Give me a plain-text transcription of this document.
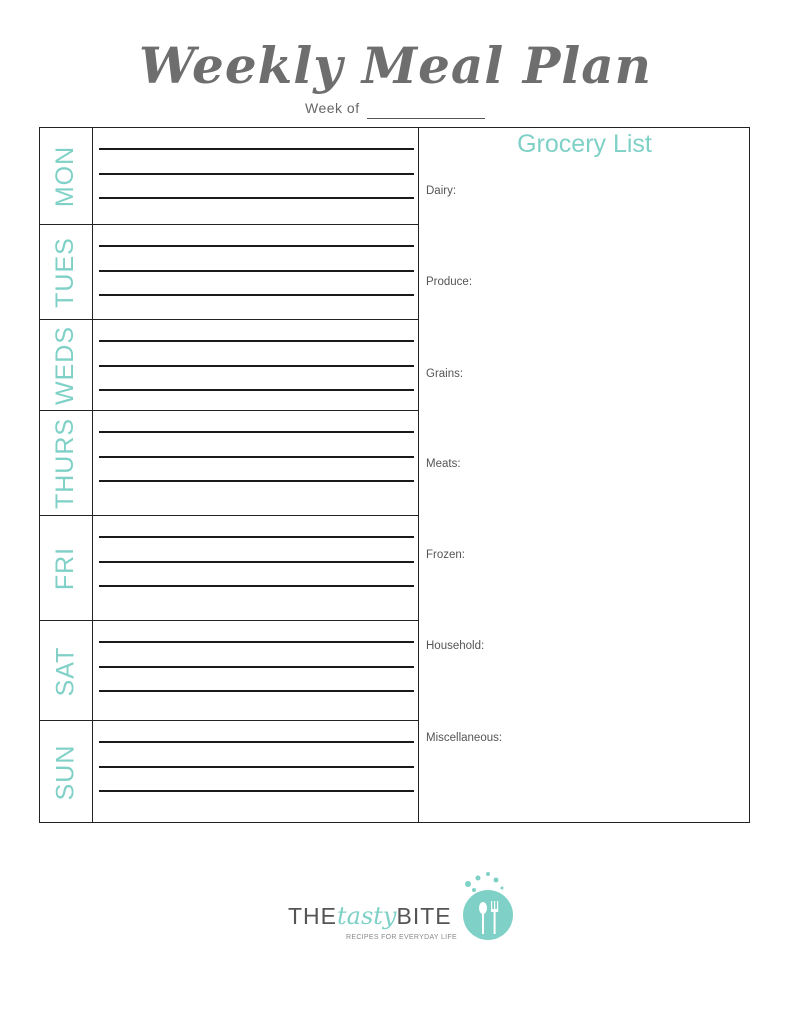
Weekly Meal Plan
Week of
MON
TUES
WEDS
THURS
FRI
SAT
SUN
Grocery List
Dairy:
Produce:
Grains:
Meats:
Frozen:
Household:
Miscellaneous:
THEtastyBITE
RECIPES FOR EVERYDAY LIFE
